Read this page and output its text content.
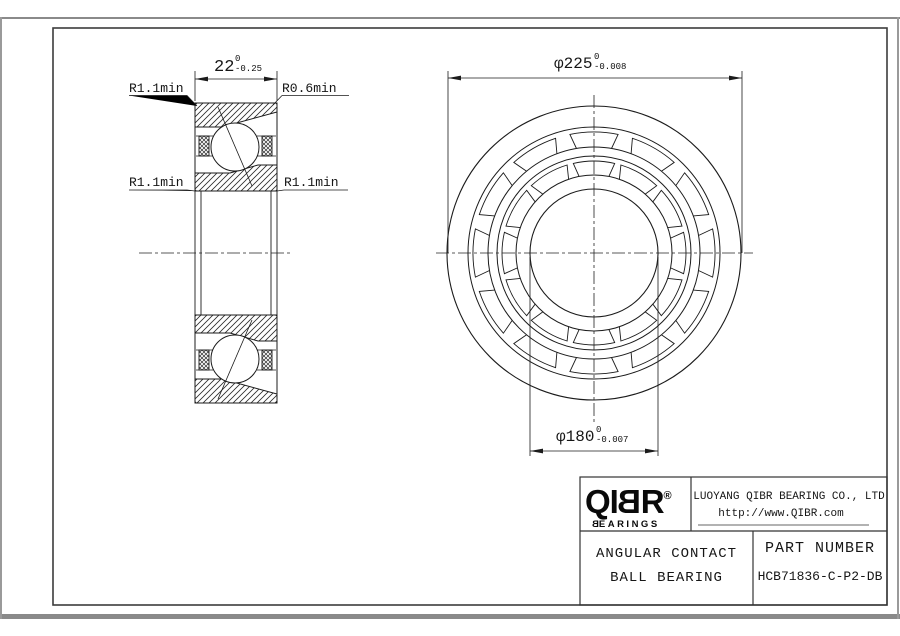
22 0
-0.25
R1.1min	R0.6min
R1.1min	R1.1min
φ225 0
-0.008
φ180 0
-0.007
QIBR®
BEARINGS
LUOYANG QIBR BEARING CO., LTD
http://www.QIBR.com
ANGULAR CONTACT
BALL BEARING
PART NUMBER
HCB71836-C-P2-DB
